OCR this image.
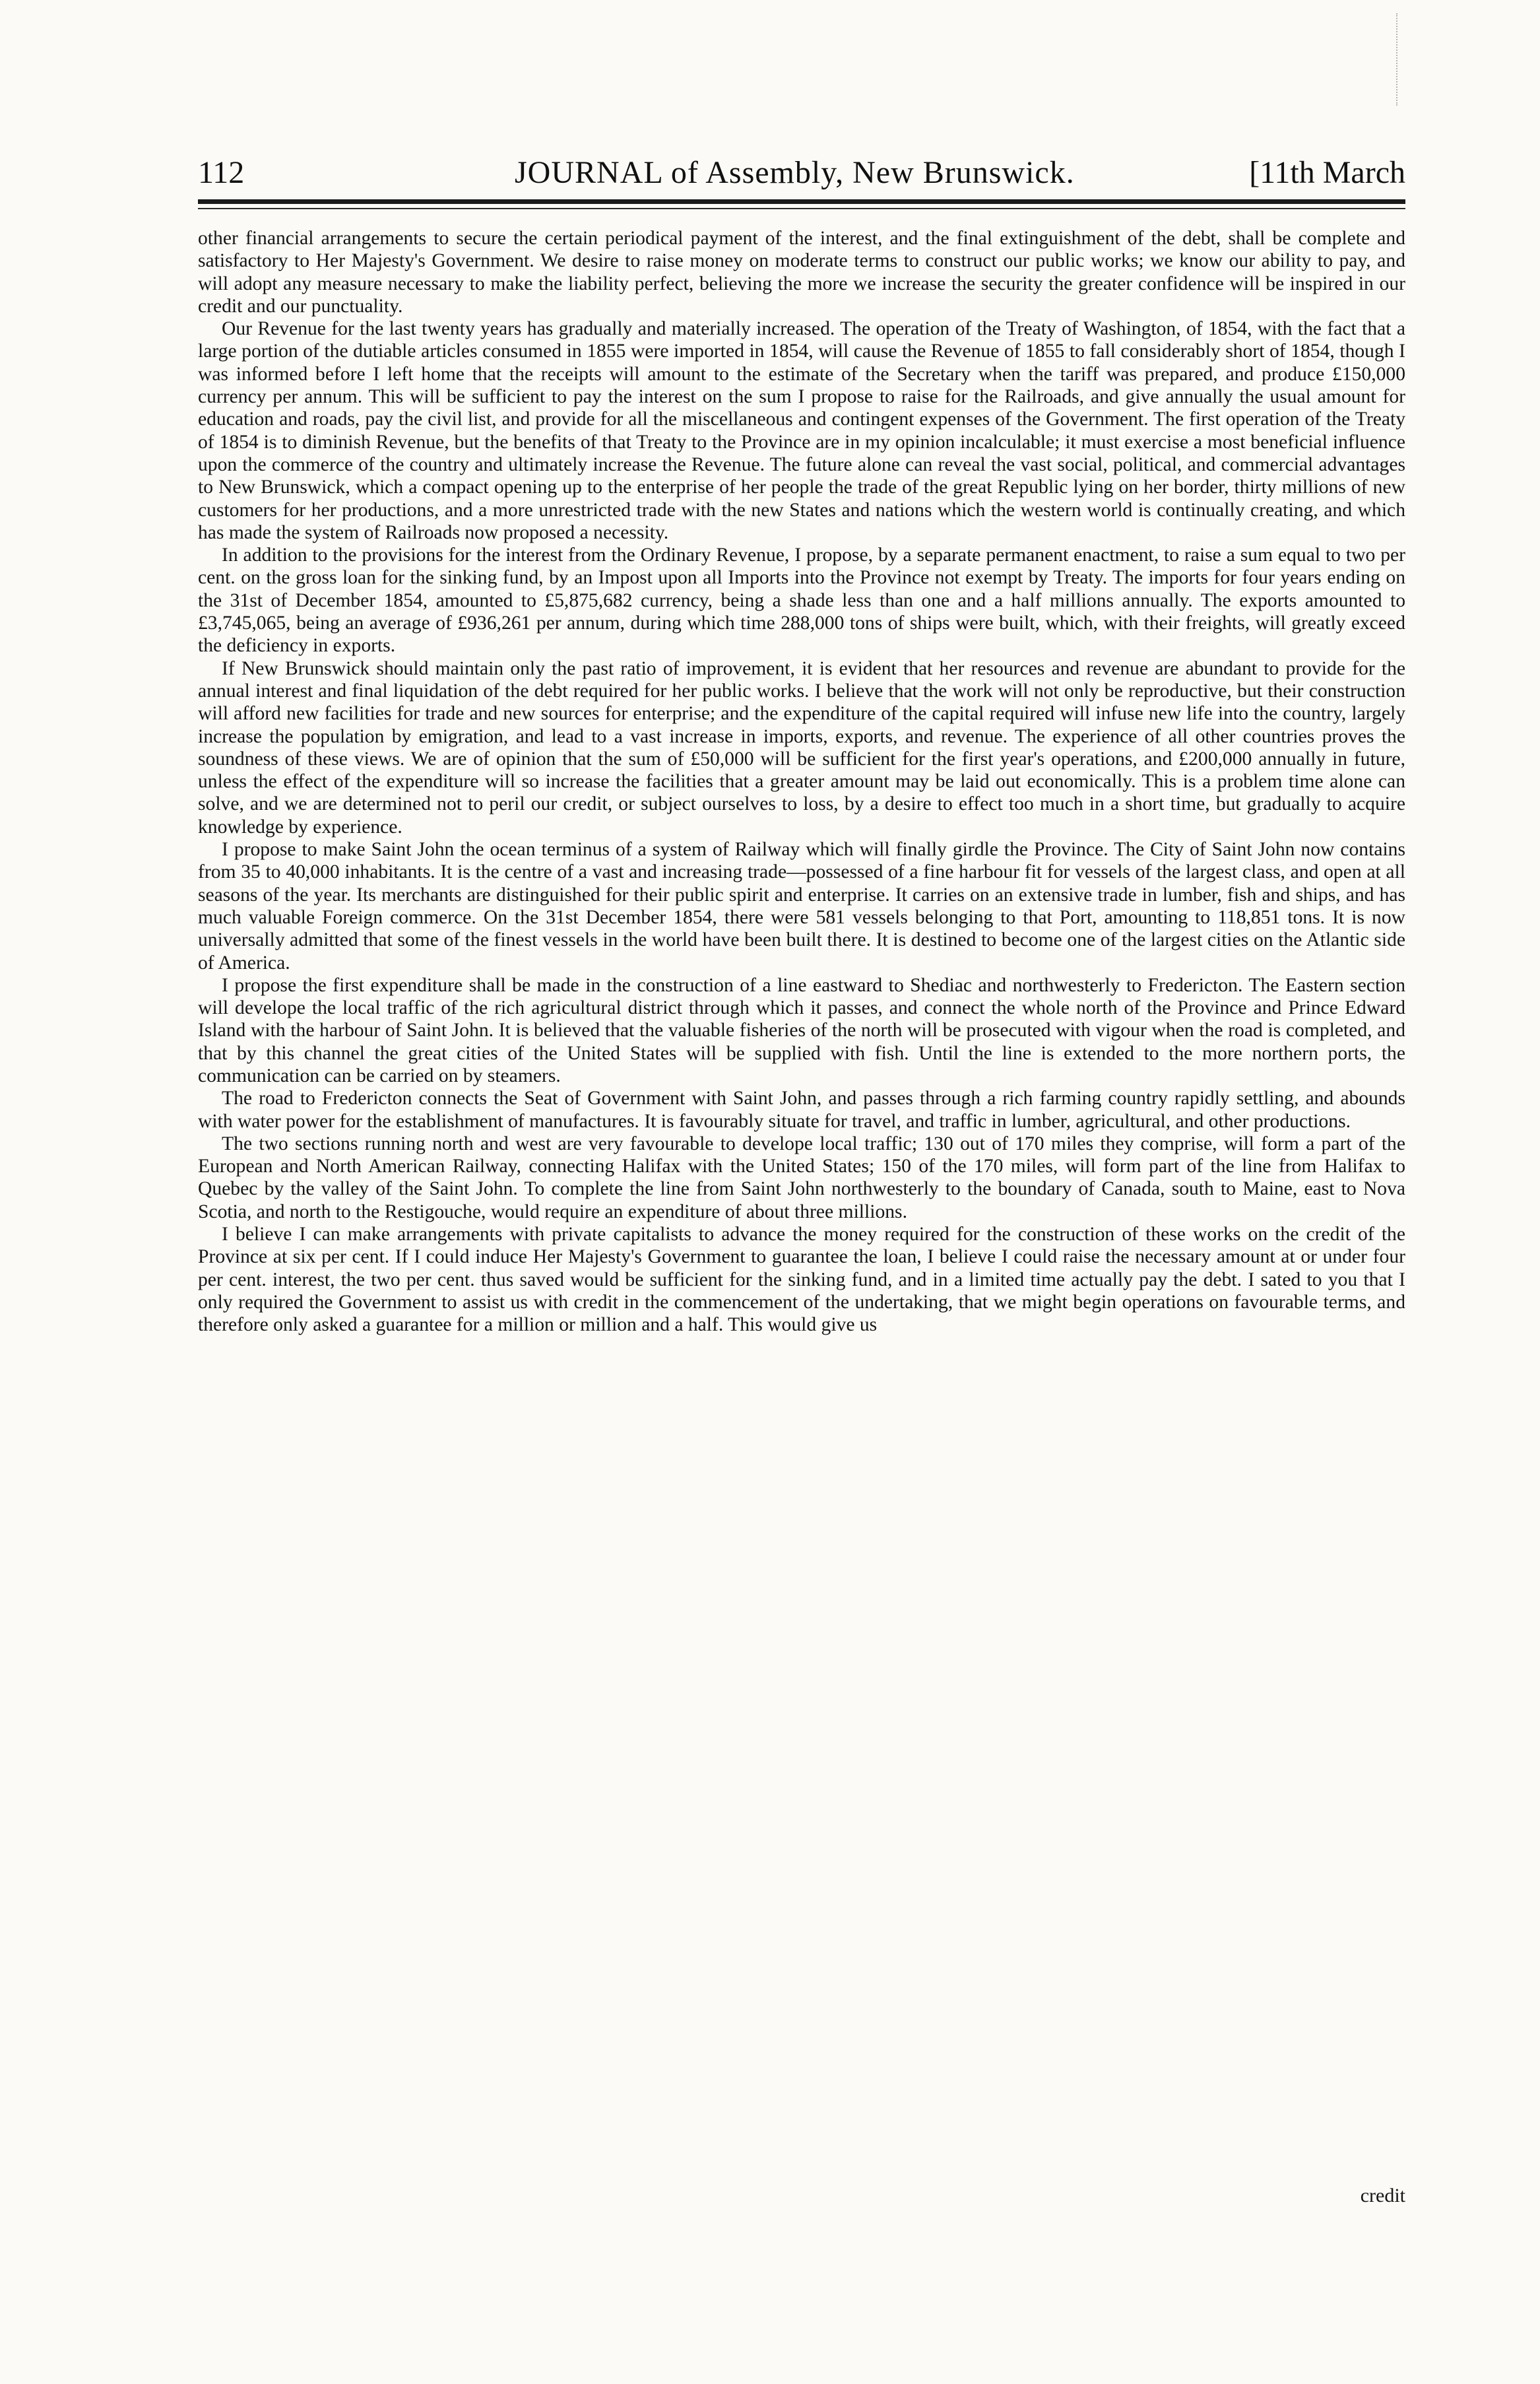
112	JOURNAL of Assembly, New Brunswick.	[11th March

other financial arrangements to secure the certain periodical payment of the interest, and the final extinguishment of the debt, shall be complete and satisfactory to Her Majesty's Government. We desire to raise money on moderate terms to construct our public works; we know our ability to pay, and will adopt any measure necessary to make the liability perfect, believing the more we increase the security the greater confidence will be inspired in our credit and our punctuality.

Our Revenue for the last twenty years has gradually and materially increased. The operation of the Treaty of Washington, of 1854, with the fact that a large portion of the dutiable articles consumed in 1855 were imported in 1854, will cause the Revenue of 1855 to fall considerably short of 1854, though I was informed before I left home that the receipts will amount to the estimate of the Secretary when the tariff was prepared, and produce £150,000 currency per annum. This will be sufficient to pay the interest on the sum I propose to raise for the Railroads, and give annually the usual amount for education and roads, pay the civil list, and provide for all the miscellaneous and contingent expenses of the Government. The first operation of the Treaty of 1854 is to diminish Revenue, but the benefits of that Treaty to the Province are in my opinion incalculable; it must exercise a most beneficial influence upon the commerce of the country and ultimately increase the Revenue. The future alone can reveal the vast social, political, and commercial advantages to New Brunswick, which a compact opening up to the enterprise of her people the trade of the great Republic lying on her border, thirty millions of new customers for her productions, and a more unrestricted trade with the new States and nations which the western world is continually creating, and which has made the system of Railroads now proposed a necessity.

In addition to the provisions for the interest from the Ordinary Revenue, I propose, by a separate permanent enactment, to raise a sum equal to two per cent. on the gross loan for the sinking fund, by an Impost upon all Imports into the Province not exempt by Treaty. The imports for four years ending on the 31st of December 1854, amounted to £5,875,682 currency, being a shade less than one and a half millions annually. The exports amounted to £3,745,065, being an average of £936,261 per annum, during which time 288,000 tons of ships were built, which, with their freights, will greatly exceed the deficiency in exports.

If New Brunswick should maintain only the past ratio of improvement, it is evident that her resources and revenue are abundant to provide for the annual interest and final liquidation of the debt required for her public works. I believe that the work will not only be reproductive, but their construction will afford new facilities for trade and new sources for enterprise; and the expenditure of the capital required will infuse new life into the country, largely increase the population by emigration, and lead to a vast increase in imports, exports, and revenue. The experience of all other countries proves the soundness of these views. We are of opinion that the sum of £50,000 will be sufficient for the first year's operations, and £200,000 annually in future, unless the effect of the expenditure will so increase the facilities that a greater amount may be laid out economically. This is a problem time alone can solve, and we are determined not to peril our credit, or subject ourselves to loss, by a desire to effect too much in a short time, but gradually to acquire knowledge by experience.

I propose to make Saint John the ocean terminus of a system of Railway which will finally girdle the Province. The City of Saint John now contains from 35 to 40,000 inhabitants. It is the centre of a vast and increasing trade—possessed of a fine harbour fit for vessels of the largest class, and open at all seasons of the year. Its merchants are distinguished for their public spirit and enterprise. It carries on an extensive trade in lumber, fish and ships, and has much valuable Foreign commerce. On the 31st December 1854, there were 581 vessels belonging to that Port, amounting to 118,851 tons. It is now universally admitted that some of the finest vessels in the world have been built there. It is destined to become one of the largest cities on the Atlantic side of America.

I propose the first expenditure shall be made in the construction of a line eastward to Shediac and northwesterly to Fredericton. The Eastern section will develope the local traffic of the rich agricultural district through which it passes, and connect the whole north of the Province and Prince Edward Island with the harbour of Saint John. It is believed that the valuable fisheries of the north will be prosecuted with vigour when the road is completed, and that by this channel the great cities of the United States will be supplied with fish. Until the line is extended to the more northern ports, the communication can be carried on by steamers.

The road to Fredericton connects the Seat of Government with Saint John, and passes through a rich farming country rapidly settling, and abounds with water power for the establishment of manufactures. It is favourably situate for travel, and traffic in lumber, agricultural, and other productions.

The two sections running north and west are very favourable to develope local traffic; 130 out of 170 miles they comprise, will form a part of the European and North American Railway, connecting Halifax with the United States; 150 of the 170 miles, will form part of the line from Halifax to Quebec by the valley of the Saint John. To complete the line from Saint John northwesterly to the boundary of Canada, south to Maine, east to Nova Scotia, and north to the Restigouche, would require an expenditure of about three millions.

I believe I can make arrangements with private capitalists to advance the money required for the construction of these works on the credit of the Province at six per cent. If I could induce Her Majesty's Government to guarantee the loan, I believe I could raise the necessary amount at or under four per cent. interest, the two per cent. thus saved would be sufficient for the sinking fund, and in a limited time actually pay the debt. I sated to you that I only required the Government to assist us with credit in the commencement of the undertaking, that we might begin operations on favourable terms, and therefore only asked a guarantee for a million or million and a half. This would give us

credit
